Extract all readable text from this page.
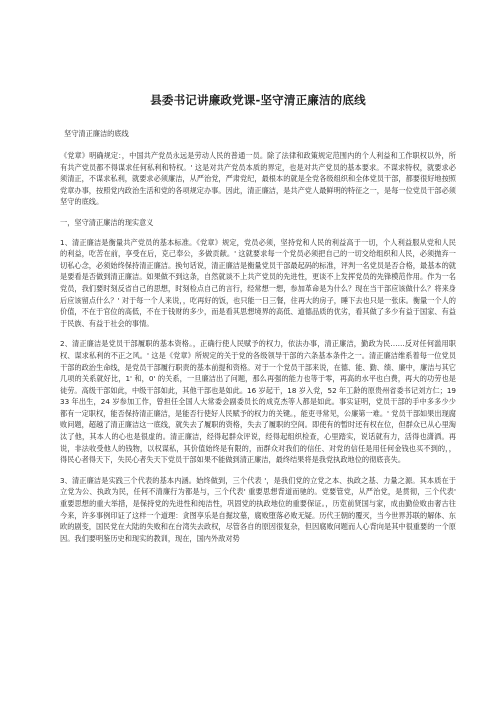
县委书记讲廉政党课-坚守清正廉洁的底线
坚守清正廉洁的底线

《党章》明确规定：，中国共产党员永远是劳动人民的普通一员。除了法律和政策规定范围内的个人利益和工作职权以外，所有共产党员都不得谋求任何私利和特权。' 这是对共产党员本质的界定，也是对共产党员的基本要求。不谋求特权，就要求必须清正，不谋求私利，就要求必须廉洁，从严治党，严肃党纪，最根本的就是全党各级组织和全体党员干部，都要很好地按照党章办事，按照党内政治生活和党的各项规定办事。因此，清正廉洁，是共产党人最鲜明的特征之一，是每一位党员干部必须坚守的底线。

一，坚守清正廉洁的现实意义

1、清正廉洁是衡量共产党员的基本标准。《党章》规定，党员必须，坚持党和人民的利益高于一切，个人利益服从党和人民的利益，吃苦在前，享受在后，克己奉公，多做贡献。' 这就要求每一个党员必须把自己的一切交给组织和人民，必须抛弃一切私心念，必须始终保持清正廉洁。换句话说，清正廉洁是衡量党员干部最起码的标准，评判一名党员是否合格，最基本的就是要看是否做到清正廉洁。如果做不到这条，自然就谈不上共产党员的先进性，更谈不上发挥党员的先锋模范作用。作为一名党员，我们要时刻反省自己的思想，时刻检点自己的言行，经常想一想，参加革命是为什么？现在当干部应该做什么？将来身后应该留点什么？' 对于每一个人来说，，吃再好的饭，也只能一日三餐，住再大的房子，睡下去也只是一张床。衡量一个人的价值，不在于官位的高低，不在于钱财的多少，而是看其思想境界的高低、道德品质的优劣，看其做了多少有益于国家、有益于民族、有益于社会的事情。

2、清正廉洁是党员干部履职的基本资格。，正确行使人民赋予的权力，依法办事，清正廉洁，勤政为民……反对任何滥用职权、谋求私利的不正之风。' 这是《党章》所规定的关于党的各级领导干部的六条基本条件之一。清正廉洁维系着每一位党员干部的政治生命线，是党员干部履行职责的基本前提和资格。对于一个党员干部来说，在德、能、勤、绩、廉中，廉洁与其它几项的关系就好比，1' 和，0' 的关系，一旦廉洁出了问题，那么再强的能力也等于零，再高的水平也白费，再大的功劳也是徒劳。高级干部如此，中级干部如此，其他干部也是如此。16 岁起干，18 岁入党，52 年工龄的原贵州省委书记刘方仁；1933 年出生，24 岁参加工作，曾担任全国人大常委会副委员长的成克杰等人都是如此。事实证明，党员干部的手中多多少少都有一定职权，能否保持清正廉洁，是能否行使好人民赋予的权力的关键。，能吏寻常见，公廉第一难。' 党员干部如果出现腐败问题，超越了清正廉洁这一底线，就失去了履职的资格，失去了履职的空间。即使有的暂时还有权在位，但群众已从心里淘汰了他，其本人的心也是很虚的。清正廉洁，经得起群众评说，经得起组织检查，心里踏实，说话就有力，活得也潇洒。再说，非法收受他人的钱物，以权谋私，其价值始终是有限的，而群众对我们的信任、对党的信任是用任何金钱也买不到的，，得民心者得天下，失民心者失天下党员干部如果不能做到清正廉洁，最终结果将是我党执政地位的彻底丧失。

3、清正廉洁是实践三个代表的基本内涵。始终做到，三个代表 '，是我们党的立党之本、执政之基、力量之源。其本质在于立党为公、执政为民，任何不清廉行为都是与，三个代表' 重要思想背道而驰的。党要管党，从严治党，是贯彻，三个代表' 重要思想的重大举措，是保持党的先进性和纯洁性，巩固党的执政地位的重要保证。，历览前贤国与家，成由勤俭败由奢古往今来，许多事例印证了这样一个道理：贪图享乐是自掘坟墓，腐败堕落必败无疑。历代王朝的覆灭，当今世界苏联的解体、东欧的剧变，国民党在大陆的失败和在台湾失去政权，尽管各自的原因很复杂，但因腐败问题而人心背向是其中很重要的一个原因。我们要明鉴历史和现实的教训，现在，国内外敌对势
